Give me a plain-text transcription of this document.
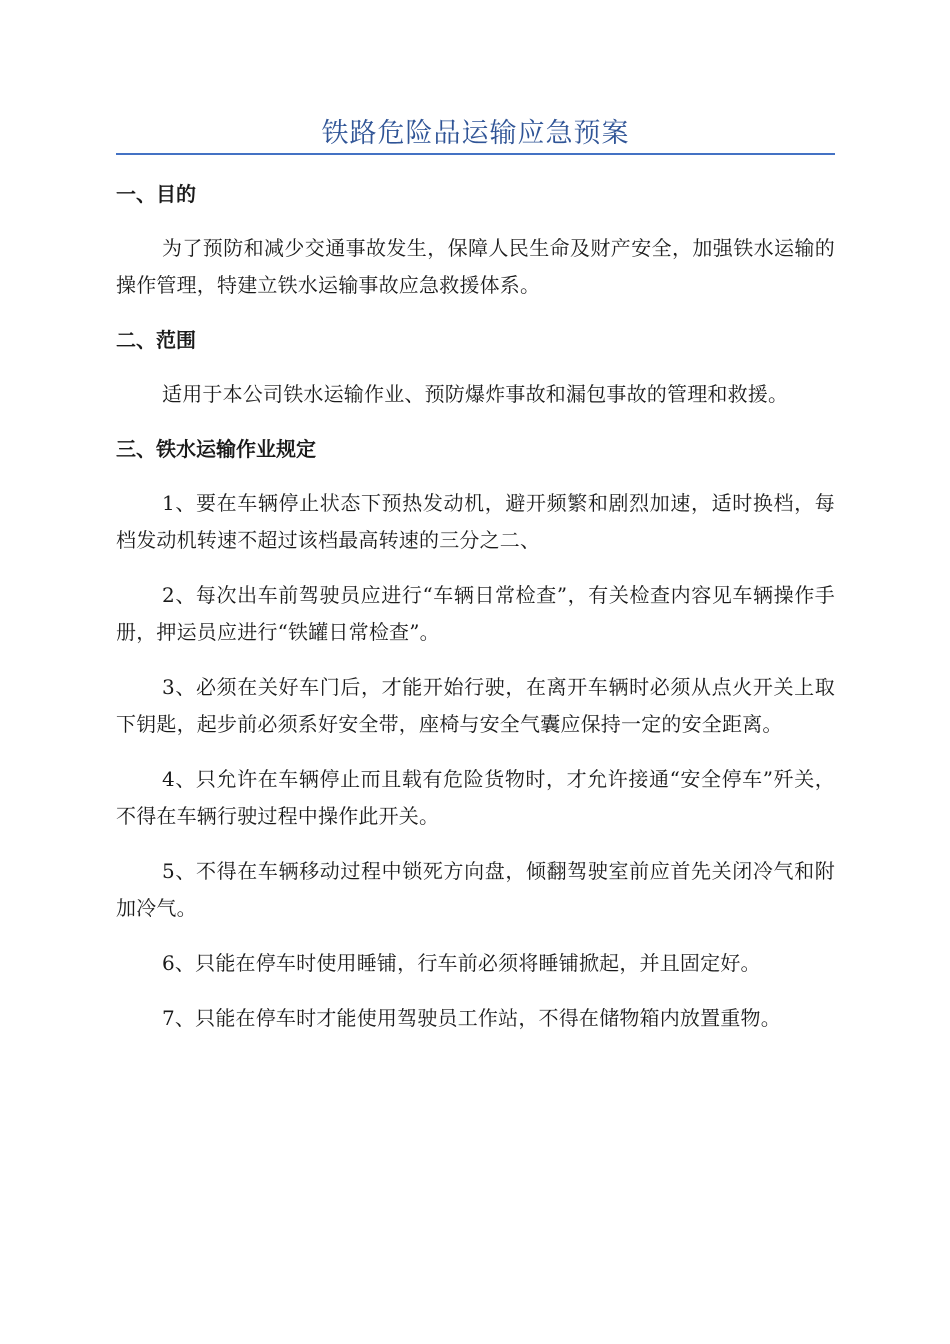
铁路危险品运输应急预案
一、目的

为了预防和减少交通事故发生，保障人民生命及财产安全，加强铁水运输的操作管理，特建立铁水运输事故应急救援体系。

二、范围

适用于本公司铁水运输作业、预防爆炸事故和漏包事故的管理和救援。

三、铁水运输作业规定

1、要在车辆停止状态下预热发动机，避开频繁和剧烈加速，适时换档，每档发动机转速不超过该档最高转速的三分之二、

2、每次出车前驾驶员应进行“车辆日常检查”，有关检查内容见车辆操作手册，押运员应进行“铁罐日常检查”。

3、必须在关好车门后，才能开始行驶，在离开车辆时必须从点火开关上取下钥匙，起步前必须系好安全带，座椅与安全气囊应保持一定的安全距离。

4、只允许在车辆停止而且载有危险货物时，才允许接通“安全停车”歼关，不得在车辆行驶过程中操作此开关。

5、不得在车辆移动过程中锁死方向盘，倾翻驾驶室前应首先关闭冷气和附加冷气。

6、只能在停车时使用睡铺，行车前必须将睡铺掀起，并且固定好。

7、只能在停车时才能使用驾驶员工作站，不得在储物箱内放置重物。
